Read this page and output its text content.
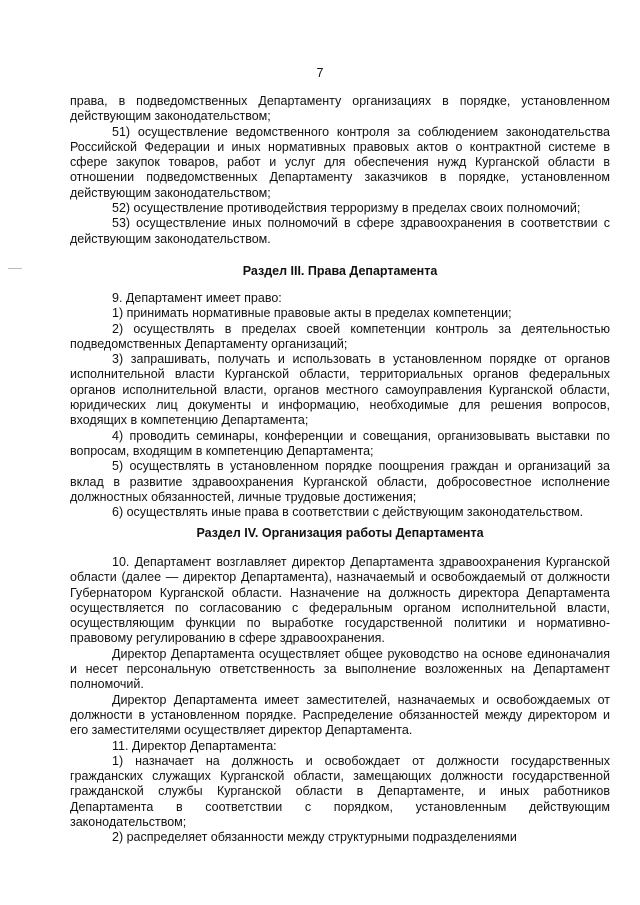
7

права, в подведомственных Департаменту организациях в порядке, установленном действующим законодательством;

51) осуществление ведомственного контроля за соблюдением законодательства Российской Федерации и иных нормативных правовых актов о контрактной системе в сфере закупок товаров, работ и услуг для обеспечения нужд Курганской области в отношении подведомственных Департаменту заказчиков в порядке, установленном действующим законодательством;

52) осуществление противодействия терроризму в пределах своих полномочий;

53) осуществление иных полномочий в сфере здравоохранения в соответствии с действующим законодательством.

Раздел III. Права Департамента

9. Департамент имеет право:

1) принимать нормативные правовые акты в пределах компетенции;

2) осуществлять в пределах своей компетенции контроль за деятельностью подведомственных Департаменту организаций;

3) запрашивать, получать и использовать в установленном порядке от органов исполнительной власти Курганской области, территориальных органов федеральных органов исполнительной власти, органов местного самоуправления Курганской области, юридических лиц документы и информацию, необходимые для решения вопросов, входящих в компетенцию Департамента;

4) проводить семинары, конференции и совещания, организовывать выставки по вопросам, входящим в компетенцию Департамента;

5) осуществлять в установленном порядке поощрения граждан и организаций за вклад в развитие здравоохранения Курганской области, добросовестное исполнение должностных обязанностей, личные трудовые достижения;

6) осуществлять иные права в соответствии с действующим законодательством.

Раздел IV. Организация работы Департамента

10. Департамент возглавляет директор Департамента здравоохранения Курганской области (далее — директор Департамента), назначаемый и освобождаемый от должности Губернатором Курганской области. Назначение на должность директора Департамента осуществляется по согласованию с федеральным органом исполнительной власти, осуществляющим функции по выработке государственной политики и нормативно-правовому регулированию в сфере здравоохранения.

Директор Департамента осуществляет общее руководство на основе единоначалия и несет персональную ответственность за выполнение возложенных на Департамент полномочий.

Директор Департамента имеет заместителей, назначаемых и освобождаемых от должности в установленном порядке. Распределение обязанностей между директором и его заместителями осуществляет директор Департамента.

11. Директор Департамента:

1) назначает на должность и освобождает от должности государственных гражданских служащих Курганской области, замещающих должности государственной гражданской службы Курганской области в Департаменте, и иных работников Департамента в соответствии с порядком, установленным действующим законодательством;

2) распределяет обязанности между структурными подразделениями
